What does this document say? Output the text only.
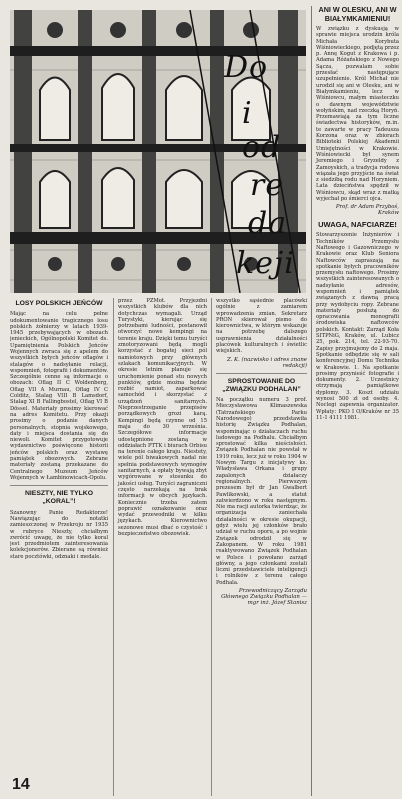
Do
i
od
re
da
keji
ANI W OLESKU, ANI W BIAŁYMKAMIENIU!

W związku z dyskusją w sprawie miejsca urodzin króla Michała Korybuta Wiśniowieckiego, podjętą przez p. Annę Kogut z Krakowa i p. Adama Różańskiego z Nowego Sącza, pozwalam sobie przesłać następujące uzupełnienie. Król Michał nie urodził się ani w Olesku, ani w Białymkamieniu, lecz w Wiśniowcu, małym miasteczku o dawnym województwie wołyńskim, nad rzeczką Horyń. Przemawiają za tym liczne świadectwa historyków, m.in. te zawarte w pracy Tadeusza Korzona oraz w zbiorach Biblioteki Polskiej Akademii Umiejętności w Krakowie. Wiśniowiecki był synem Jeremiego i Gryzeldy z Zamoyskich, a tradycja rodowa wiązała jego przyjście na świat z siedzibą rodu nad Horyniem. Lata dzieciństwa spędził w Wiśniowcu, skąd wraz z matką wyjechał po śmierci ojca.

Prof. dr Adam Przyboś, Kraków
UWAGA, NAFCIARZE!

Stowarzyszenie Inżynierów i Techników Przemysłu Naftowego i Gazowniczego w Krakowie oraz Klub Seniora Naftowców zapraszają na spotkanie byłych pracowników przemysłu naftowego. Prosimy wszystkich zainteresowanych o nadsyłanie adresów, wspomnień i pamiątek związanych z dawną pracą przy wydobyciu ropy. Zebrane materiały posłużą do opracowania monografii środowiska naftowców polskich. Kontakt: Zarząd Koła SITPNiG, Kraków, ul. Lubicz 25, pok. 214, tel. 22-93-70. Zapisy przyjmujemy do 2 maja. Spotkanie odbędzie się w sali konferencyjnej Domu Technika w Krakowie. 1. Na spotkanie prosimy przynieść fotografie i dokumenty. 2. Uczestnicy otrzymają pamiątkowe dyplomy. 3. Koszt udziału wynosi 500 zł od osoby. 4. Noclegi zapewnia organizator. Wpłaty: PKO I O/Kraków nr 35 11-1 4111 1981.

LOSY POLSKICH JEŃCÓW

Mając na celu pełne udokumentowanie tragicznego losu polskich żołnierzy w latach 1939-1945 przebywających w obozach jenieckich, Ogólnopolski Komitet ds. Upamiętnienia Polskich Jeńców Wojennych zwraca się z apelem do wszystkich byłych jeńców oflagów i stalagów o nadsyłanie relacji, wspomnień, fotografii i dokumentów. Szczególnie cenne są informacje o obozach: Oflag II C Woldenberg, Oflag VII A Murnau, Oflag IV C Colditz, Stalag VIII B Lamsdorf, Stalag XI B Fallingbostel, Oflag VI B Dössel. Materiały prosimy kierować na adres Komitetu. Przy okazji prosimy o podanie danych personalnych, stopnia wojskowego, daty i miejsca dostania się do niewoli. Komitet przygotowuje wydawnictwo poświęcone historii jeńców polskich oraz wystawę pamiątek obozowych. Zebrane materiały zostaną przekazane do Centralnego Muzeum Jeńców Wojennych w Łambinowicach-Opolu.

NIESZTY, NIE TYLKO „KORAL”!

Szanowny Panie Redaktorze! Nawiązując do notatki zamieszczonej w Przekroju nr 1935 w rubryce Nieszty, chciałbym zwrócić uwagę, że nie tylko koral jest przedmiotem zainteresowania kolekcjonerów. Zbierane są również stare pocztówki, odznaki i medale.

przez PZMot. Przyjezdni wszystkich klubów dla nich dotychczas wymagali. Urząd Turystyki, kierując się potrzebami ludności, postanowił otworzyć nowe kempingi na terenie kraju. Dzięki temu turyści zmotoryzowani będą mogli korzystać z bogatej sieci pól namiotowych przy głównych szlakach komunikacyjnych. W okresie letnim planuje się uruchomienie ponad stu nowych punktów, gdzie można będzie rozbić namiot, zaparkować samochód i skorzystać z urządzeń sanitarnych. Nieprzestrzeganie przepisów porządkowych grozi karą. Kempingi będą czynne od 15 maja do 30 września. Szczegółowe informacje udostępnione zostaną w oddziałach PTTK i biurach Orbisu na terenie całego kraju. Niestety, wiele pól biwakowych nadal nie spełnia podstawowych wymogów sanitarnych, a opłaty bywają zbyt wygórowane w stosunku do jakości usług. Turyści zagraniczni często narzekają na brak informacji w obcych językach. Koniecznie trzeba zatem poprawić oznakowanie oraz wydać przewodniki w kilku językach. Kierownictwo sezonowe musi dbać o czystość i bezpieczeństwo obozowisk.

wszystko sąsiednie placówki ogólnie z zamiarem wprowadzenia zmian. Sekretarz PRON skierował pismo do kierownictwa, w którym wskazuje na potrzebę dalszego usprawnienia działalności placówek kulturalnych i świetlic wiejskich.

Z. K. (nazwisko i adres znane redakcji)
SPROSTOWANIE DO „ZWIĄZKU PODHALAN”

Na początku numeru 3 prof. Mieczysławowa Klimaszewska (Tatrzańskiego Parku Narodowego) przedstawiła historię Związku Podhalan, wspominając o działaczach ruchu ludowego na Podhalu. Chciałbym sprostować kilka nieścisłości. Związek Podhalan nie powstał w 1919 roku, lecz już w roku 1904 w Nowym Targu z inicjatywy ks. Władysława Orkana i grupy zapalonych działaczy regionalnych. Pierwszym prezesem był dr Jan Gwalbert Pawlikowski, a statut zatwierdzono w roku następnym. Nie ma racji autorka twierdząc, że organizacja zaniechała działalności w okresie okupacji, gdyż wielu jej członków brało udział w ruchu oporu, a po wojnie Związek odrodził się w Zakopanem. W roku 1981 reaktywowano Związek Podhalan w Polsce i powołano zarząd główny, a jego członkami zostali liczni przedstawiciele inteligencji i rolników z terenu całego Podhala.

Przewodniczący Zarządu Głównego Związku Podhalan — mgr inż. Józef Stanisz
14
